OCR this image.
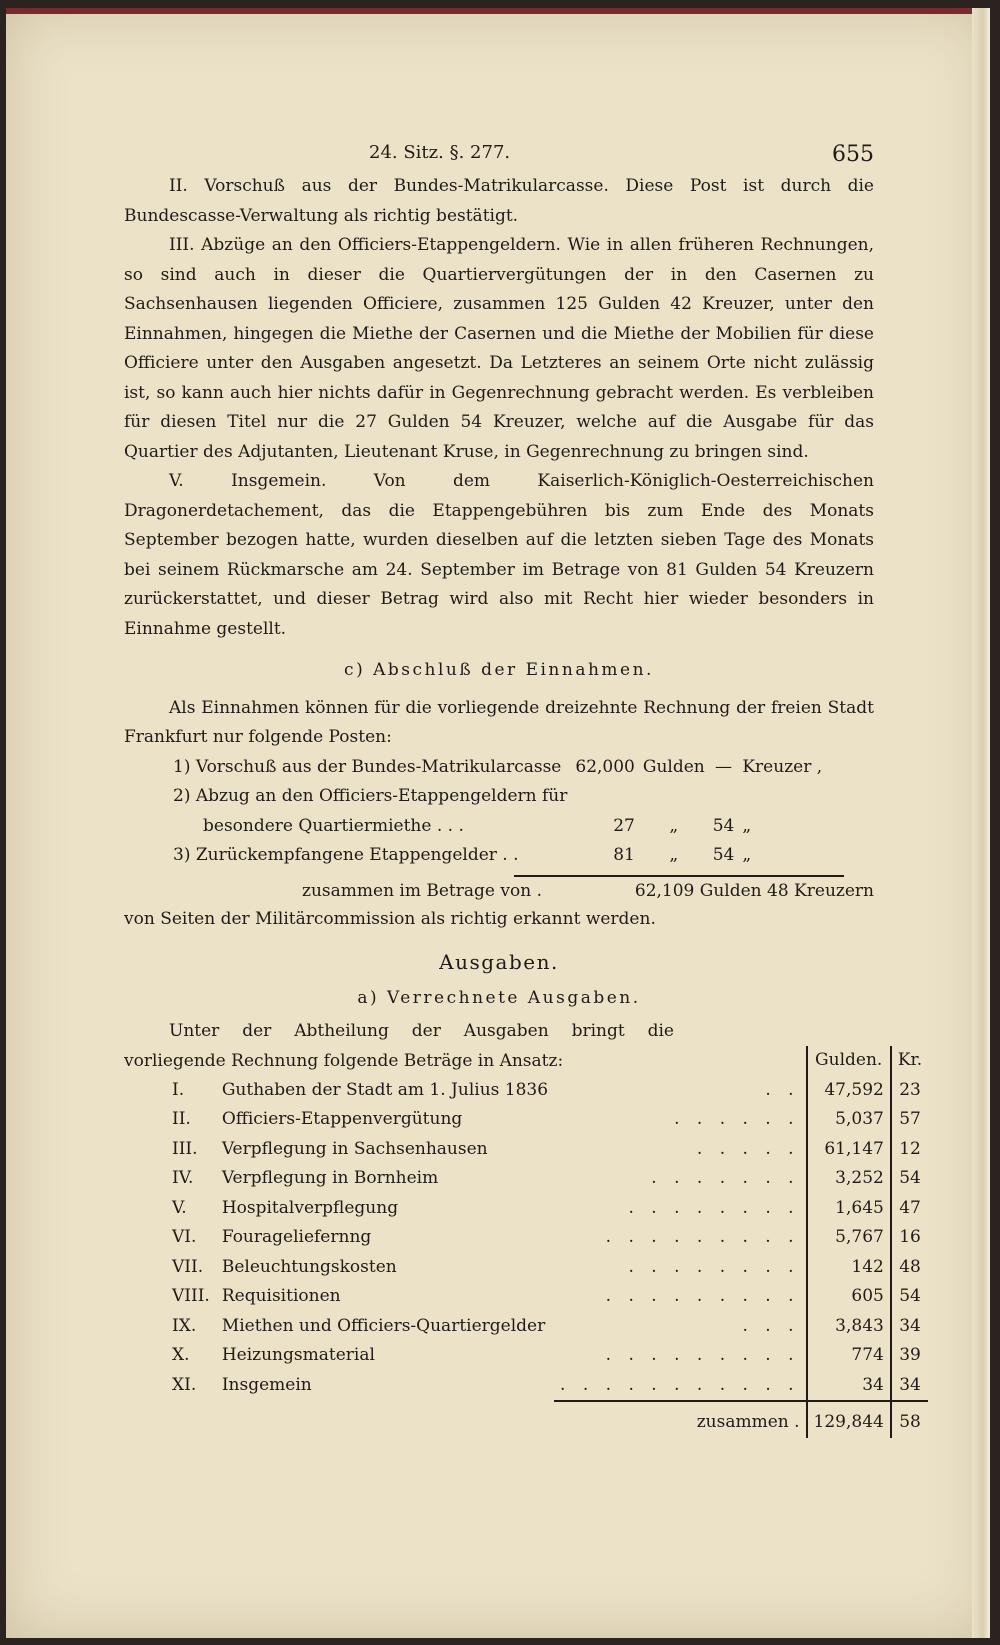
24. Sitz. §. 277.	655

II. Vorschuß aus der Bundes-Matrikularcasse. Diese Post ist durch die Bundescasse-Verwaltung als richtig bestätigt.

III. Abzüge an den Officiers-Etappengeldern. Wie in allen früheren Rechnungen, so sind auch in dieser die Quartiervergütungen der in den Casernen zu Sachsenhausen liegenden Officiere, zusammen 125 Gulden 42 Kreuzer, unter den Einnahmen, hingegen die Miethe der Casernen und die Miethe der Mobilien für diese Officiere unter den Ausgaben angesetzt. Da Letzteres an seinem Orte nicht zulässig ist, so kann auch hier nichts dafür in Gegenrechnung gebracht werden. Es verbleiben für diesen Titel nur die 27 Gulden 54 Kreuzer, welche auf die Ausgabe für das Quartier des Adjutanten, Lieutenant Kruse, in Gegenrechnung zu bringen sind.

V. Insgemein. Von dem Kaiserlich-Königlich-Oesterreichischen Dragonerdetachement, das die Etappengebühren bis zum Ende des Monats September bezogen hatte, wurden dieselben auf die letzten sieben Tage des Monats bei seinem Rückmarsche am 24. September im Betrage von 81 Gulden 54 Kreuzern zurückerstattet, und dieser Betrag wird also mit Recht hier wieder besonders in Einnahme gestellt.

c) Abschluß der Einnahmen.

Als Einnahmen können für die vorliegende dreizehnte Rechnung der freien Stadt Frankfurt nur folgende Posten:

1) Vorschuß aus der Bundes-Matrikularcasse	62,000	Gulden	—	Kreuzer ,
2) Abzug an den Officiers-Etappengeldern für				
besondere Quartiermiethe . . .	27	„	54	„
3) Zurückempfangene Etappengelder . .	81	„	54	„
zusammen im Betrage von .	62,109 Gulden 48 Kreuzern

von Seiten der Militärcommission als richtig erkannt werden.

Ausgaben.

a) Verrechnete Ausgaben.

Unter der Abtheilung der Ausgaben bringt die vorliegende Rechnung folgende Beträge in Ansatz:

			Gulden.	Kr.
I.	Guthaben der Stadt am 1. Julius 1836	. .	47,592	23
II.	Officiers-Etappenvergütung	. . . . . .	5,037	57
III.	Verpflegung in Sachsenhausen	. . . . .	61,147	12
IV.	Verpflegung in Bornheim	. . . . . . .	3,252	54
V.	Hospitalverpflegung	. . . . . . . .	1,645	47
VI.	Fourageliefernng	. . . . . . . . .	5,767	16
VII.	Beleuchtungskosten	. . . . . . . .	142	48
VIII.	Requisitionen	. . . . . . . . .	605	54
IX.	Miethen und Officiers-Quartiergelder	. . .	3,843	34
X.	Heizungsmaterial	. . . . . . . . .	774	39
XI.	Insgemein	. . . . . . . . . . .	34	34
		zusammen .	129,844	58
